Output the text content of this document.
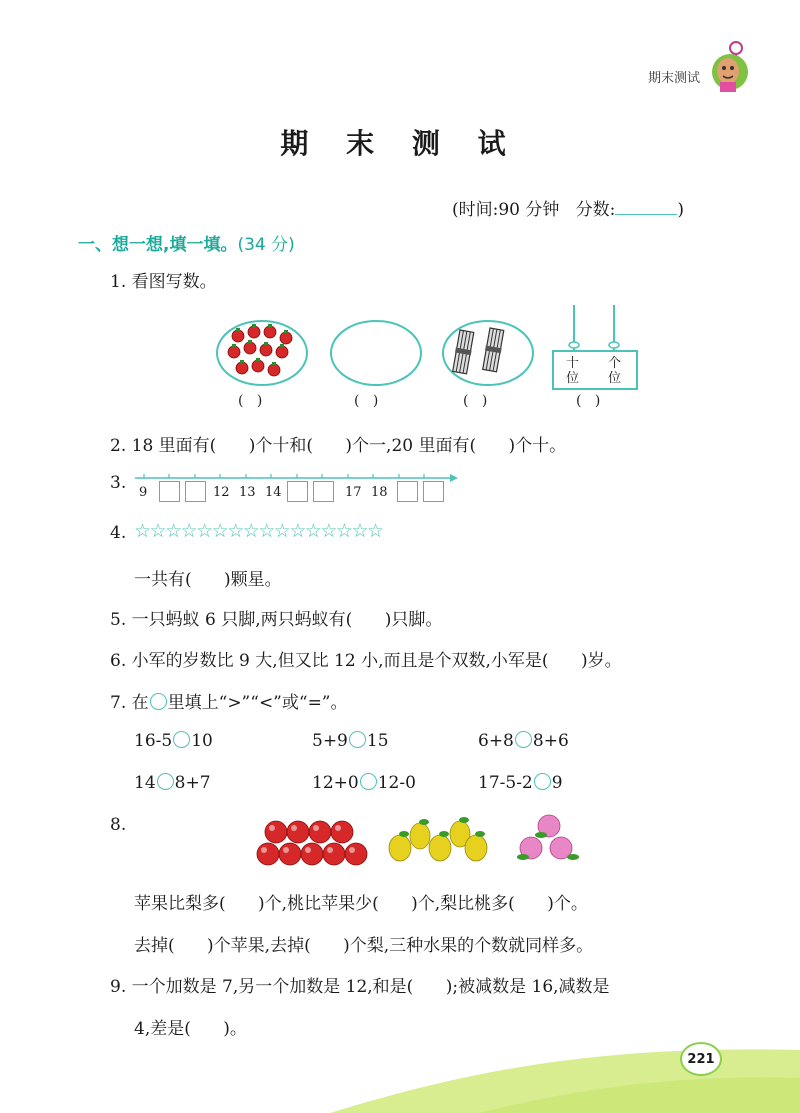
期末测试
期 末 测 试
(时间:90 分钟   分数:	)
一、想一想,填一填。(34 分)
1. 看图写数。
十
位
个
位
(   )	(   )	(   )	(   )
2. 18 里面有(      )个十和(      )个一,20 里面有(      )个十。
3. 9	12 13 14	17 18
4. ☆☆☆☆☆☆☆☆☆☆☆☆☆☆☆☆
一共有(      )颗星。
5. 一只蚂蚁 6 只脚,两只蚂蚁有(      )只脚。
6. 小军的岁数比 9 大,但又比 12 小,而且是个双数,小军是(      )岁。
7. 在 里填上“>”“<”或“=”。
16-5 10	5+9 15	6+8 8+6
14 8+7	12+0 12-0	17-5-2 9
8.
苹果比梨多(      )个,桃比苹果少(      )个,梨比桃多(      )个。
去掉(      )个苹果,去掉(      )个梨,三种水果的个数就同样多。
9. 一个加数是 7,另一个加数是 12,和是(      );被减数是 16,减数是
4,差是(      )。
221
